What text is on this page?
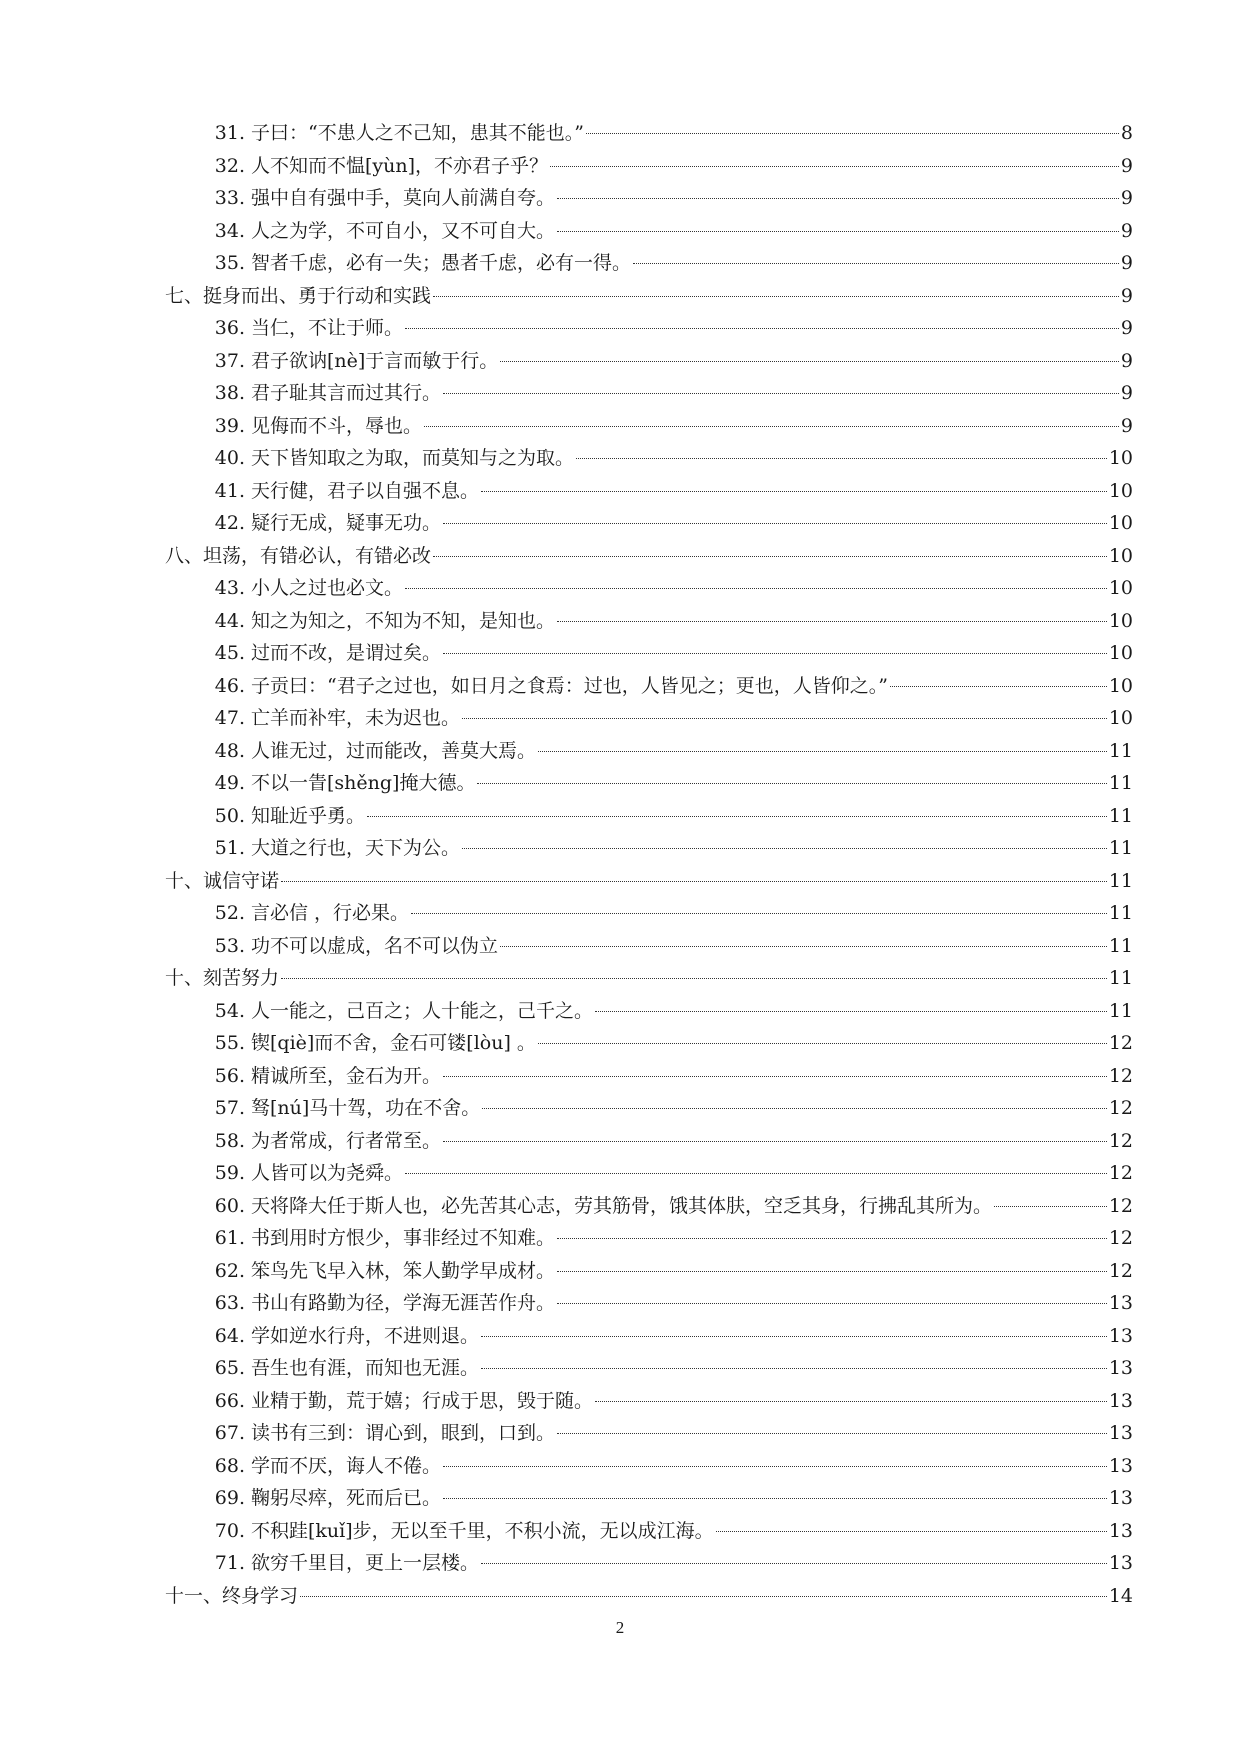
31. 子曰：“不患人之不己知，患其不能也。”	8
32. 人不知而不愠[yùn]，不亦君子乎？	9
33. 强中自有强中手，莫向人前满自夸。	9
34. 人之为学，不可自小，又不可自大。	9
35. 智者千虑，必有一失；愚者千虑，必有一得。	9
七、挺身而出、勇于行动和实践	9
36. 当仁，不让于师。	9
37. 君子欲讷[nè]于言而敏于行。	9
38. 君子耻其言而过其行。	9
39. 见侮而不斗，辱也。	9
40. 天下皆知取之为取，而莫知与之为取。	10
41. 天行健，君子以自强不息。	10
42. 疑行无成，疑事无功。	10
八、坦荡，有错必认，有错必改	10
43. 小人之过也必文。	10
44. 知之为知之，不知为不知，是知也。	10
45. 过而不改，是谓过矣。	10
46. 子贡曰：“君子之过也，如日月之食焉：过也，人皆见之；更也，人皆仰之。”	10
47. 亡羊而补牢，未为迟也。	10
48. 人谁无过，过而能改，善莫大焉。	11
49. 不以一眚[shěng]掩大德。	11
50. 知耻近乎勇。	11
51. 大道之行也，天下为公。	11
十、诚信守诺	11
52. 言必信 ，行必果。	11
53. 功不可以虚成，名不可以伪立	11
十、刻苦努力	11
54. 人一能之，己百之；人十能之，己千之。	11
55. 锲[qiè]而不舍，金石可镂[lòu] 。	12
56. 精诚所至，金石为开。	12
57. 驽[nú]马十驾，功在不舍。	12
58. 为者常成，行者常至。	12
59. 人皆可以为尧舜。	12
60. 天将降大任于斯人也，必先苦其心志，劳其筋骨，饿其体肤，空乏其身，行拂乱其所为。	12
61. 书到用时方恨少，事非经过不知难。	12
62. 笨鸟先飞早入林，笨人勤学早成材。	12
63. 书山有路勤为径，学海无涯苦作舟。	13
64. 学如逆水行舟，不进则退。	13
65. 吾生也有涯，而知也无涯。	13
66. 业精于勤，荒于嬉；行成于思，毁于随。	13
67. 读书有三到：谓心到，眼到，口到。	13
68. 学而不厌，诲人不倦。	13
69. 鞠躬尽瘁，死而后已。	13
70. 不积跬[kuǐ]步，无以至千里，不积小流，无以成江海。	13
71. 欲穷千里目，更上一层楼。	13
十一、终身学习	14
2
